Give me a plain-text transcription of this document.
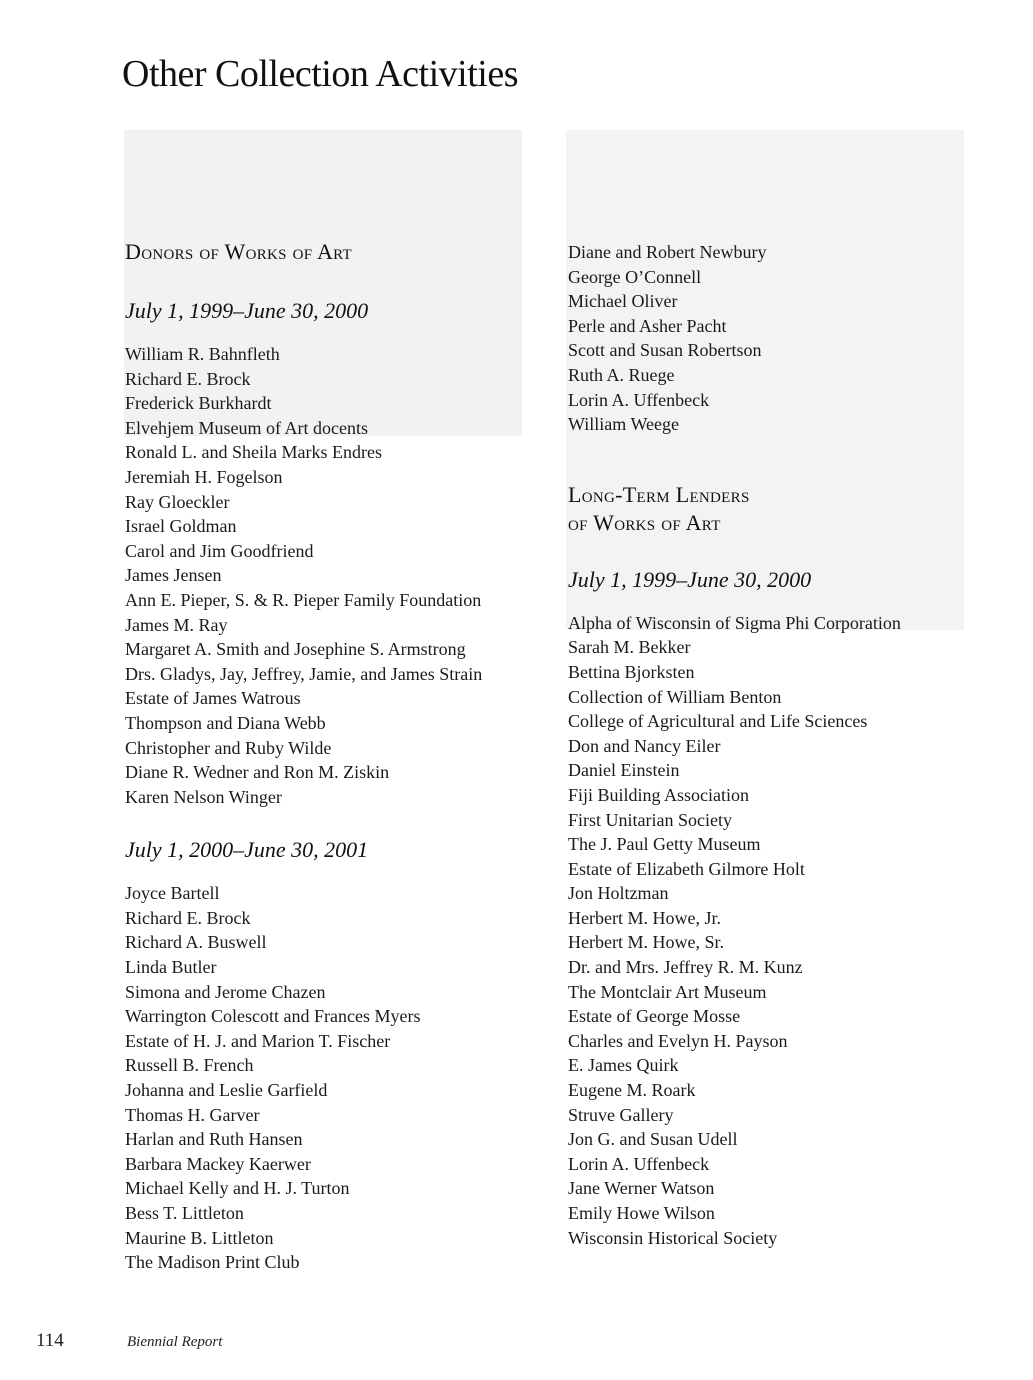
Other Collection Activities
Donors of Works of Art
July 1, 1999–June 30, 2000
William R. Bahnfleth
Richard E. Brock
Frederick Burkhardt
Elvehjem Museum of Art docents
Ronald L. and Sheila Marks Endres
Jeremiah H. Fogelson
Ray Gloeckler
Israel Goldman
Carol and Jim Goodfriend
James Jensen
Ann E. Pieper, S. & R. Pieper Family Foundation
James M. Ray
Margaret A. Smith and Josephine S. Armstrong
Drs. Gladys, Jay, Jeffrey, Jamie, and James Strain
Estate of James Watrous
Thompson and Diana Webb
Christopher and Ruby Wilde
Diane R. Wedner and Ron M. Ziskin
Karen Nelson Winger
July 1, 2000–June 30, 2001
Joyce Bartell
Richard E. Brock
Richard A. Buswell
Linda Butler
Simona and Jerome Chazen
Warrington Colescott and Frances Myers
Estate of H. J. and Marion T. Fischer
Russell B. French
Johanna and Leslie Garfield
Thomas H. Garver
Harlan and Ruth Hansen
Barbara Mackey Kaerwer
Michael Kelly and H. J. Turton
Bess T. Littleton
Maurine B. Littleton
The Madison Print Club
Diane and Robert Newbury
George O’Connell
Michael Oliver
Perle and Asher Pacht
Scott and Susan Robertson
Ruth A. Ruege
Lorin A. Uffenbeck
William Weege
Long-Term Lenders
of Works of Art
July 1, 1999–June 30, 2000
Alpha of Wisconsin of Sigma Phi Corporation
Sarah M. Bekker
Bettina Bjorksten
Collection of William Benton
College of Agricultural and Life Sciences
Don and Nancy Eiler
Daniel Einstein
Fiji Building Association
First Unitarian Society
The J. Paul Getty Museum
Estate of Elizabeth Gilmore Holt
Jon Holtzman
Herbert M. Howe, Jr.
Herbert M. Howe, Sr.
Dr. and Mrs. Jeffrey R. M. Kunz
The Montclair Art Museum
Estate of George Mosse
Charles and Evelyn H. Payson
E. James Quirk
Eugene M. Roark
Struve Gallery
Jon G. and Susan Udell
Lorin A. Uffenbeck
Jane Werner Watson
Emily Howe Wilson
Wisconsin Historical Society
114	Biennial Report
